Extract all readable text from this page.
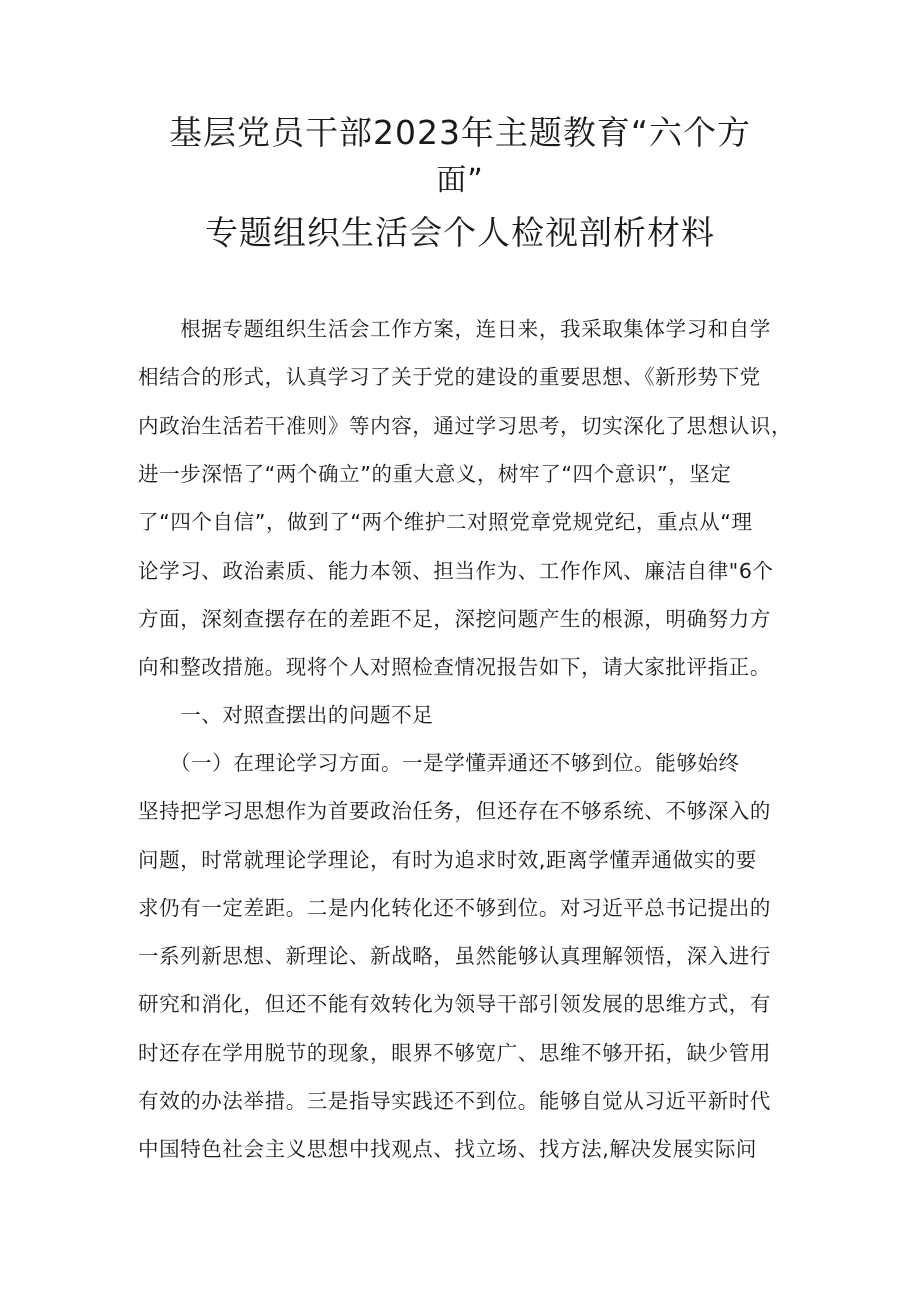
基层党员干部2023年主题教育“六个方
面”
专题组织生活会个人检视剖析材料

　　根据专题组织生活会工作方案，连日来，我采取集体学习和自学

相结合的形式，认真学习了关于党的建设的重要思想、《新形势下党

内政治生活若干准则》等内容，通过学习思考，切实深化了思想认识，

进一步深悟了“两个确立”的重大意义，树牢了“四个意识”，坚定

了“四个自信”，做到了“两个维护二对照党章党规党纪，重点从“理

论学习、政治素质、能力本领、担当作为、工作作风、廉洁自律"6个

方面，深刻查摆存在的差距不足，深挖问题产生的根源，明确努力方

向和整改措施。现将个人对照检查情况报告如下，请大家批评指正。

　　一、对照查摆出的问题不足

　　（一）在理论学习方面。一是学懂弄通还不够到位。能够始终

坚持把学习思想作为首要政治任务，但还存在不够系统、不够深入的

问题，时常就理论学理论，有时为追求时效,距离学懂弄通做实的要

求仍有一定差距。二是内化转化还不够到位。对习近平总书记提出的

一系列新思想、新理论、新战略，虽然能够认真理解领悟，深入进行

研究和消化，但还不能有效转化为领导干部引领发展的思维方式，有

时还存在学用脱节的现象，眼界不够宽广、思维不够开拓，缺少管用

有效的办法举措。三是指导实践还不到位。能够自觉从习近平新时代

中国特色社会主义思想中找观点、找立场、找方法,解决发展实际问
